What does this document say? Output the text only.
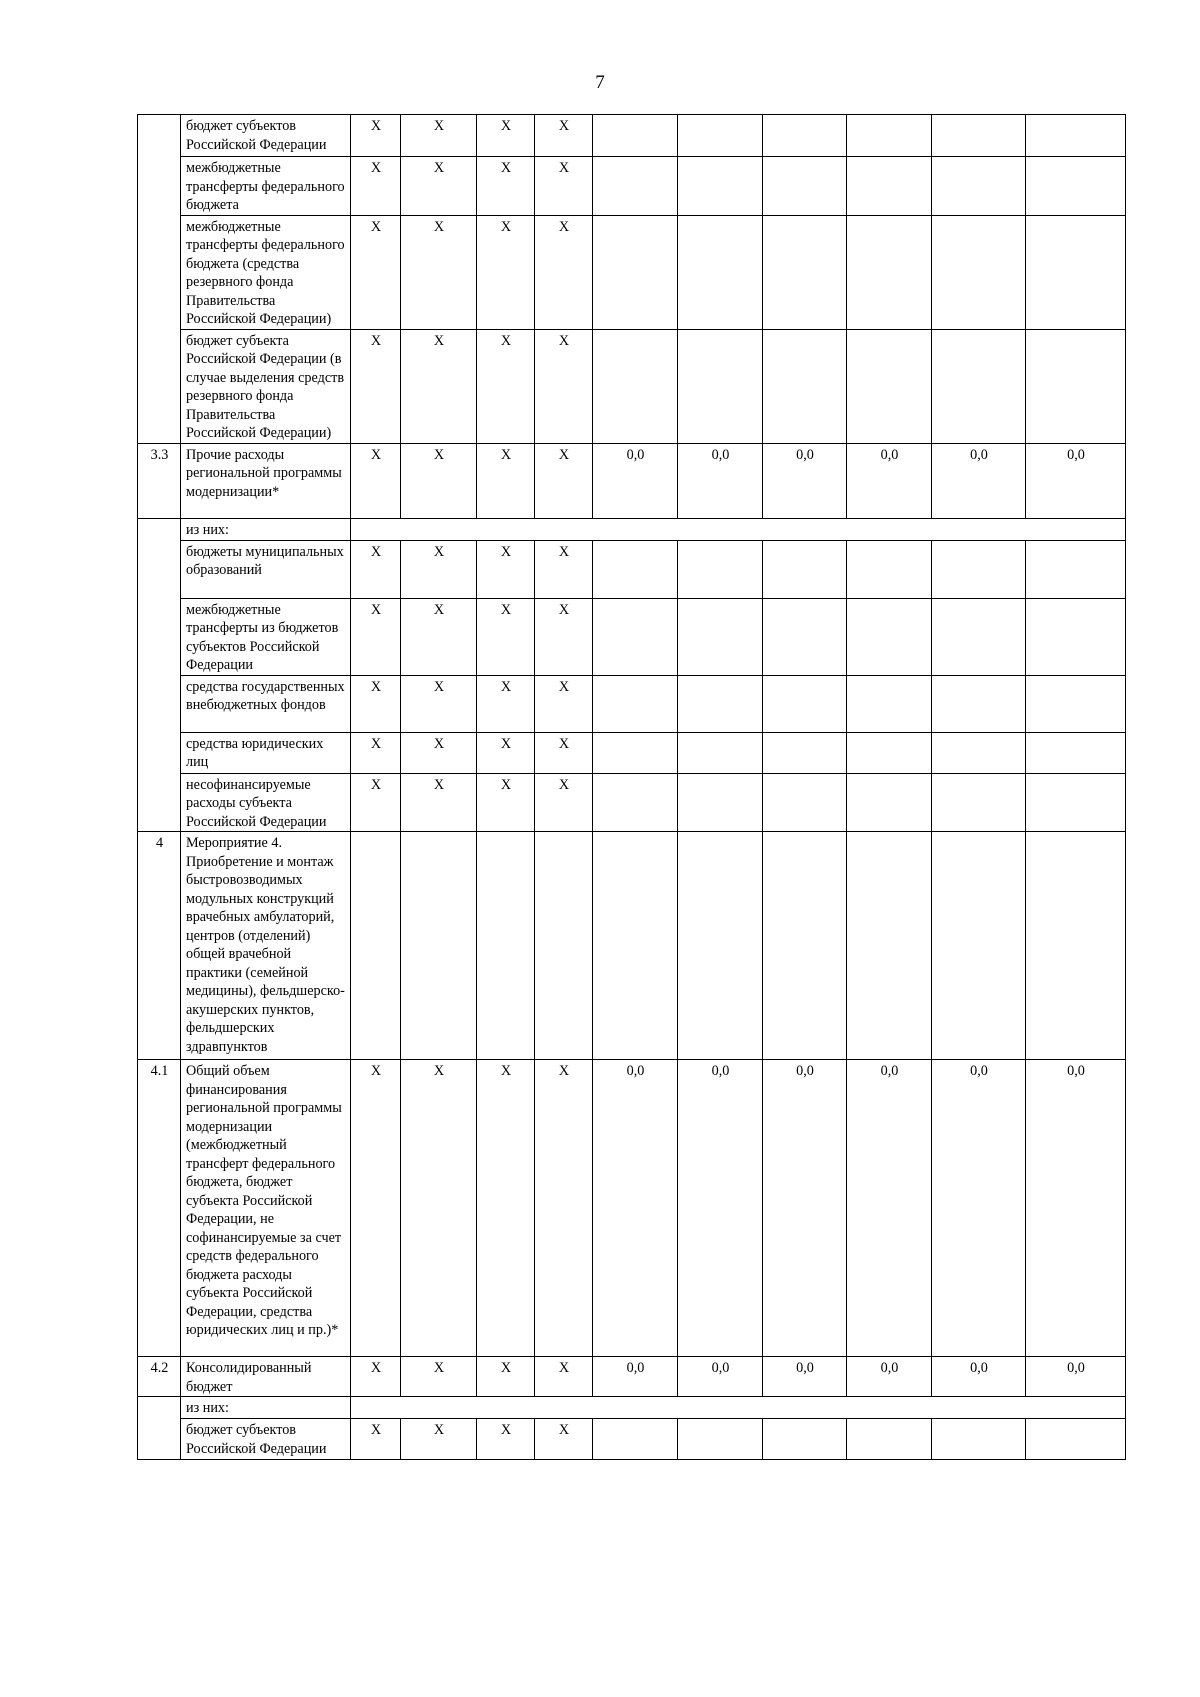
7
	бюджет субъектов Российской Федерации	X	X	X	X						
	межбюджетные трансферты федерального бюджета	X	X	X	X						
	межбюджетные трансферты федерального бюджета (средства резервного фонда Правительства Российской Федерации)	X	X	X	X						
	бюджет субъекта Российской Федерации (в случае выделения средств резервного фонда Правительства Российской Федерации)	X	X	X	X						
3.3	Прочие расходы региональной программы модернизации*	X	X	X	X	0,0	0,0	0,0	0,0	0,0	0,0
	из них:										
	бюджеты муниципальных образований	X	X	X	X						
	межбюджетные трансферты из бюджетов субъектов Российской Федерации	X	X	X	X						
	средства государственных внебюджетных фондов	X	X	X	X						
	средства юридических лиц	X	X	X	X						
	несофинансируемые расходы субъекта Российской Федерации	X	X	X	X						
4	Мероприятие 4. Приобретение и монтаж быстровозводимых модульных конструкций врачебных амбулаторий, центров (отделений) общей врачебной практики (семейной медицины), фельдшерско-акушерских пунктов, фельдшерских здравпунктов										
4.1	Общий объем финансирования региональной программы модернизации (межбюджетный трансферт федерального бюджета, бюджет субъекта Российской Федерации, не софинансируемые за счет средств федерального бюджета расходы субъекта Российской Федерации, средства юридических лиц и пр.)*	X	X	X	X	0,0	0,0	0,0	0,0	0,0	0,0
4.2	Консолидированный бюджет	X	X	X	X	0,0	0,0	0,0	0,0	0,0	0,0
	из них:										
	бюджет субъектов Российской Федерации	X	X	X	X						
